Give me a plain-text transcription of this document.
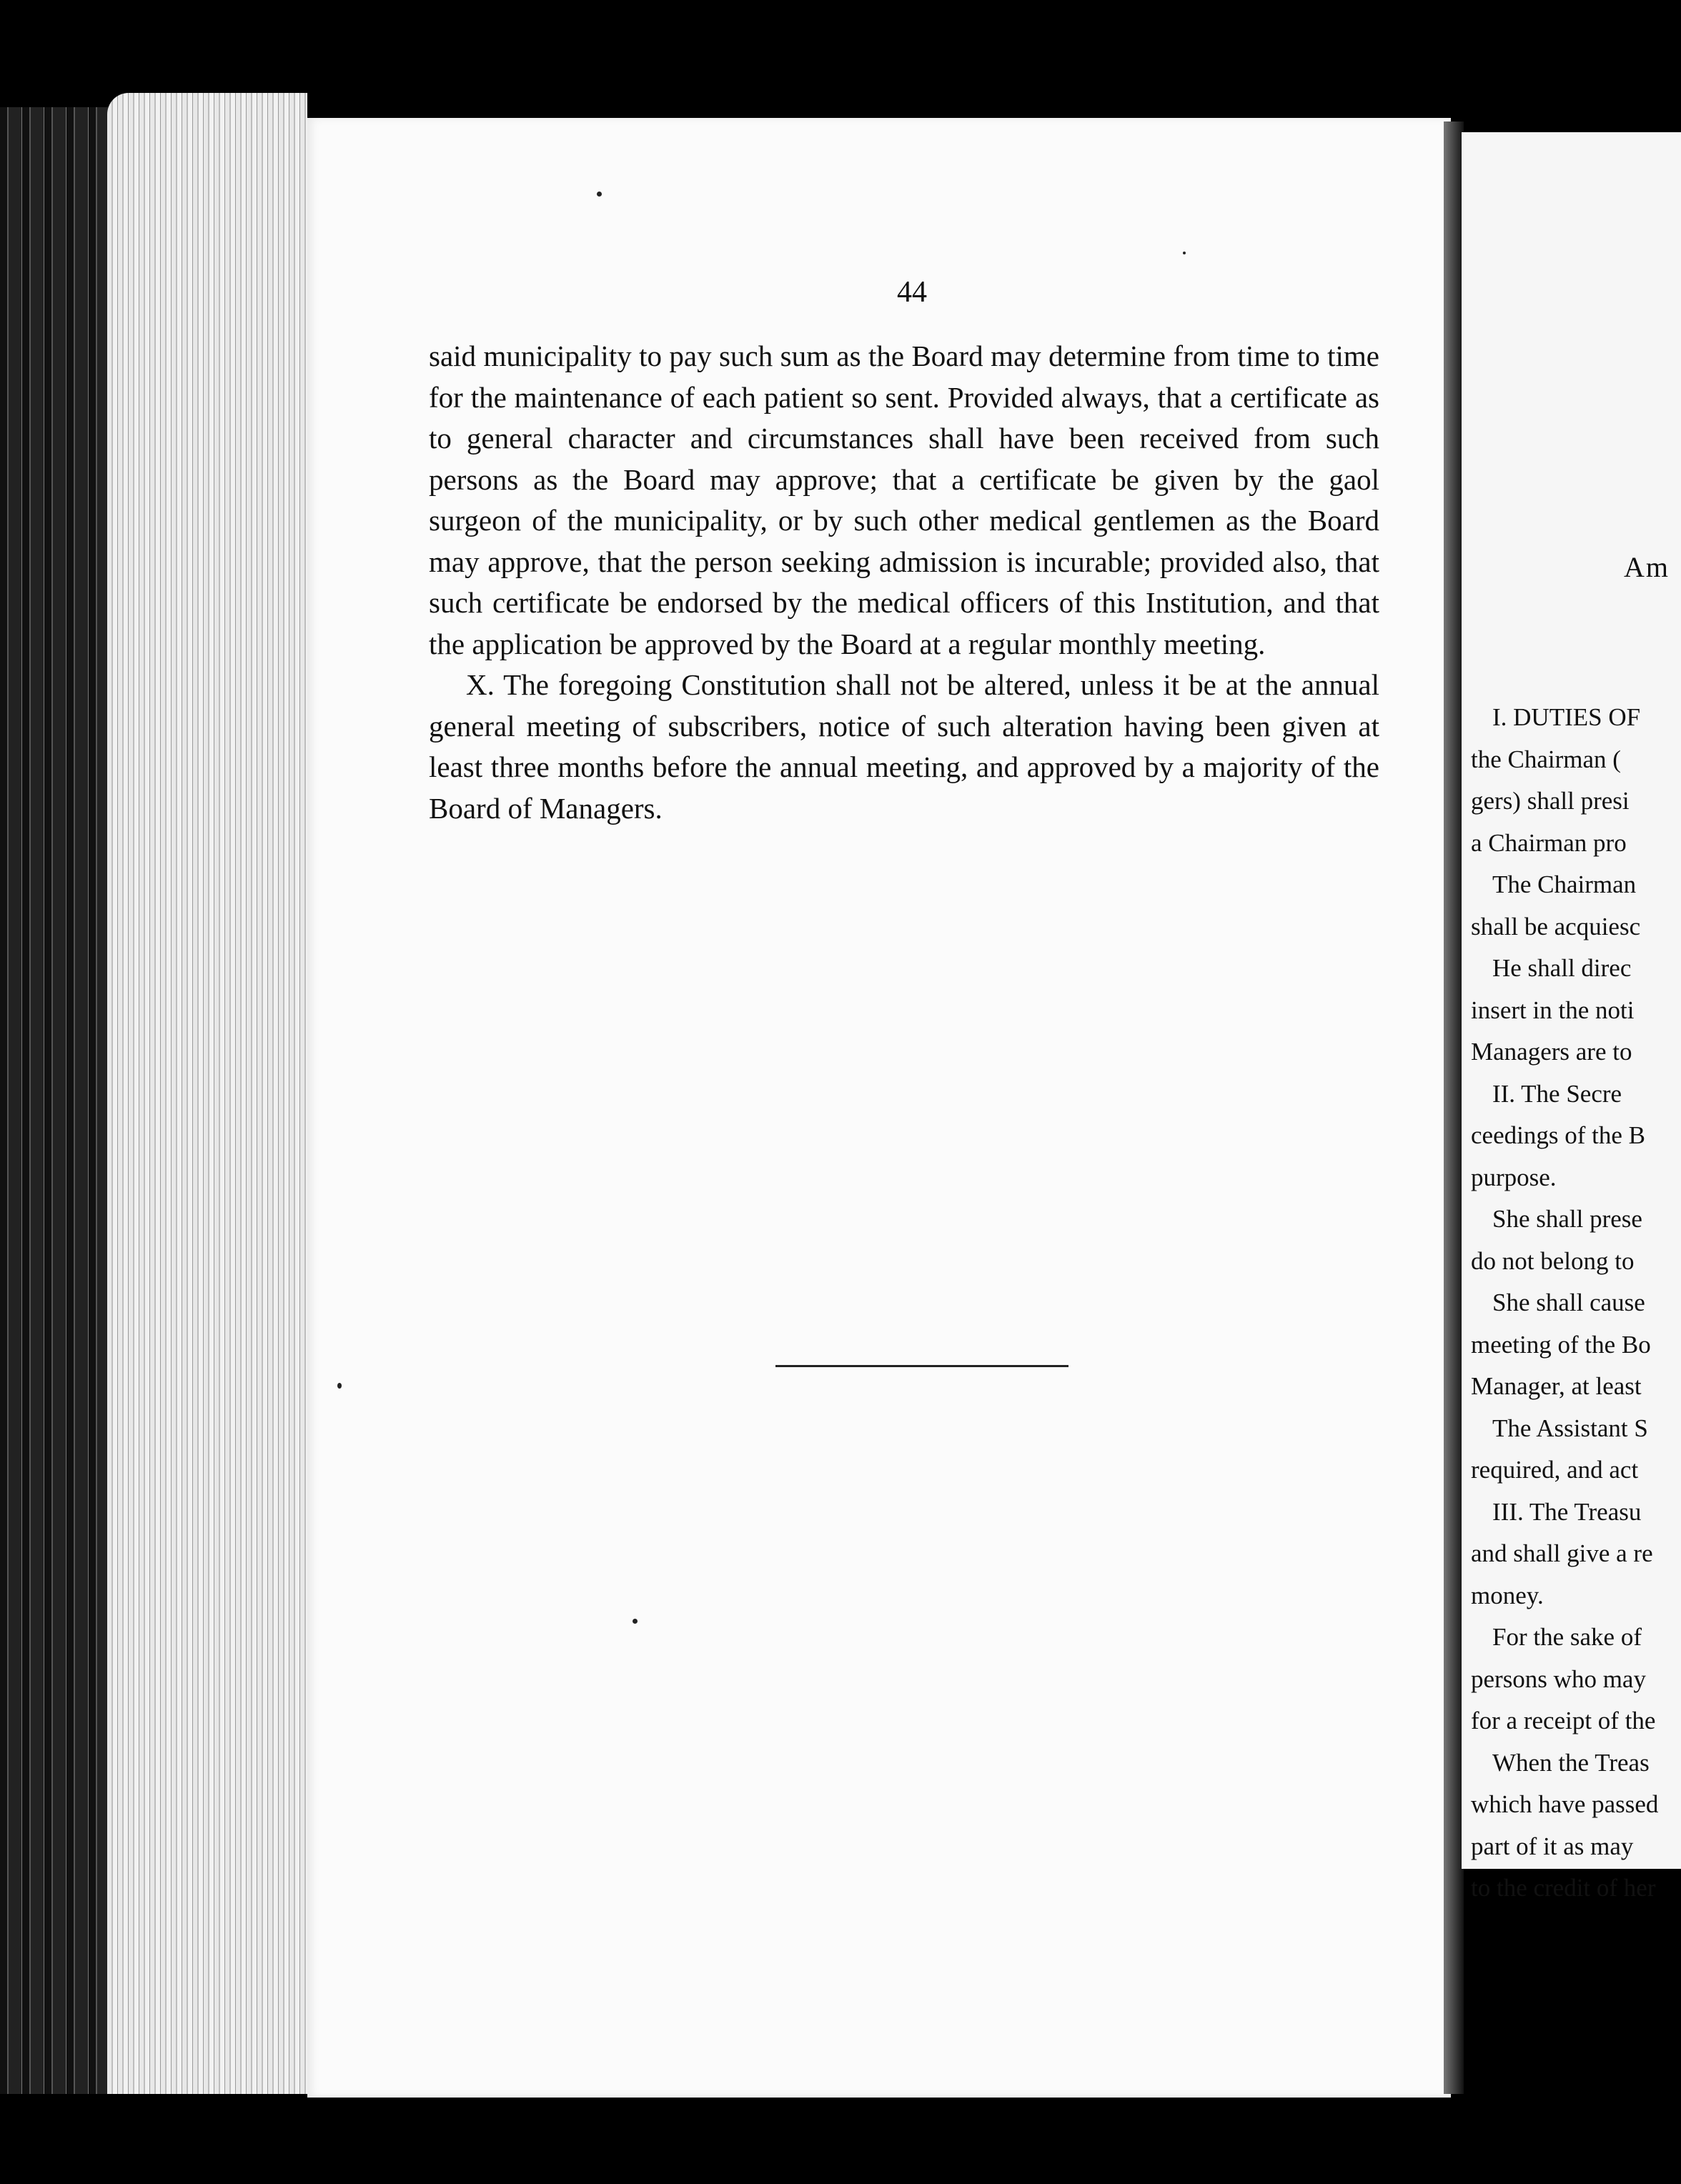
44

said municipality to pay such sum as the Board may determine from time to time for the maintenance of each patient so sent. Provided always, that a certificate as to general character and circumstances shall have been received from such persons as the Board may approve; that a certificate be given by the gaol surgeon of the municipality, or by such other medical gentlemen as the Board may approve, that the person seeking admission is incurable; provided also, that such certificate be endorsed by the medical officers of this Institution, and that the application be approved by the Board at a regular monthly meeting.

X. The foregoing Constitution shall not be altered, unless it be at the annual general meeting of subscribers, notice of such alteration having been given at least three months before the annual meeting, and approved by a majority of the Board of Managers.

Am
I. DUTIES OF
the Chairman (
gers) shall presi
a Chairman pro
The Chairman
shall be acquiesc
He shall direc
insert in the noti
Managers are to
II. The Secre
ceedings of the B
purpose.
She shall prese
do not belong to
She shall cause
meeting of the Bo
Manager, at least
The Assistant S
required, and act
III. The Treasu
and shall give a re
money.
For the sake of
persons who may
for a receipt of the
When the Treas
which have passed
part of it as may
to the credit of her
